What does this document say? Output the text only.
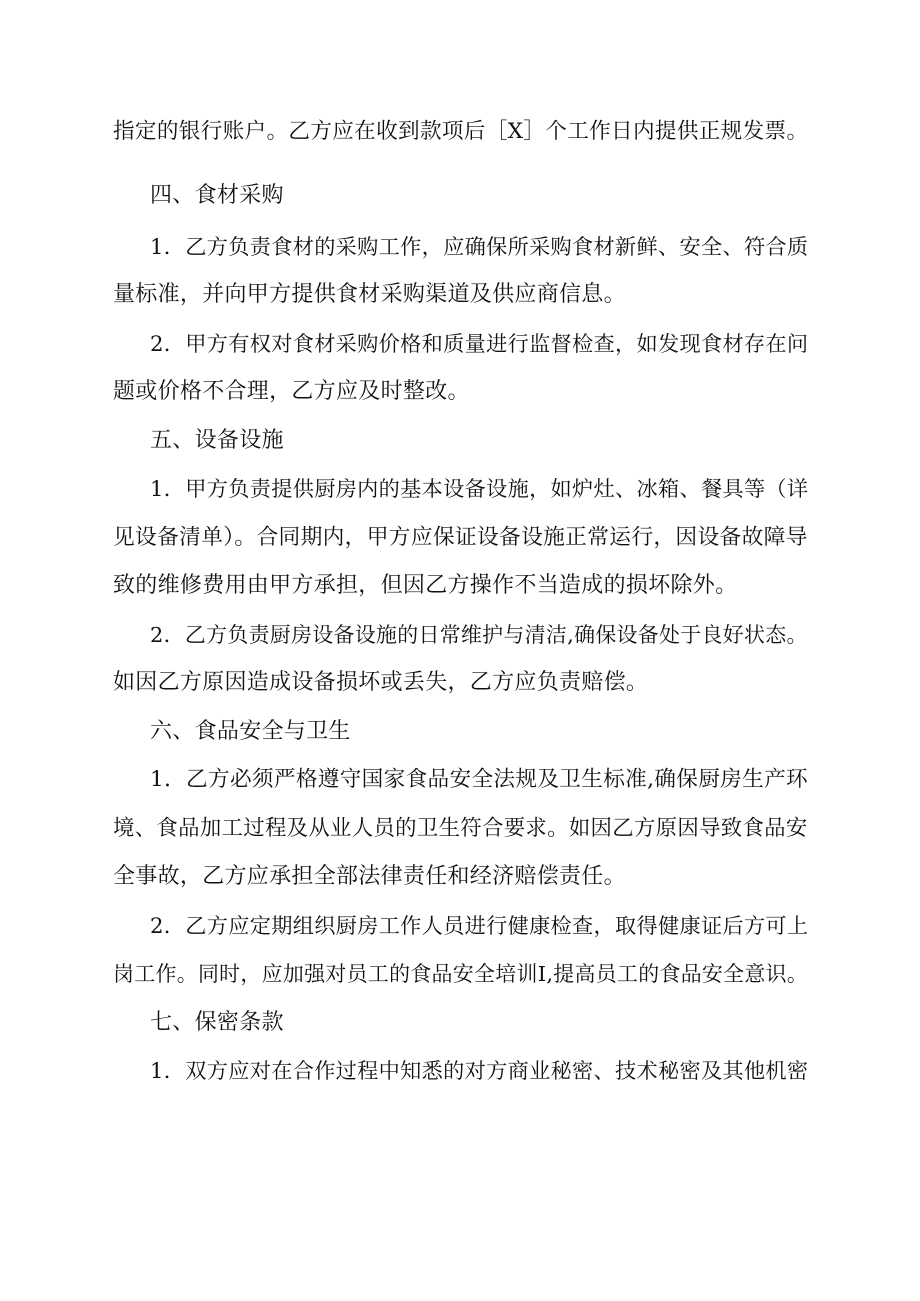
指定的银行账户。乙方应在收到款项后［X］个工作日内提供正规发票。
四、食材采购
1．乙方负责食材的采购工作，应确保所采购食材新鲜、安全、符合质
量标准，并向甲方提供食材采购渠道及供应商信息。
2．甲方有权对食材采购价格和质量进行监督检查，如发现食材存在问
题或价格不合理，乙方应及时整改。
五、设备设施
1．甲方负责提供厨房内的基本设备设施，如炉灶、冰箱、餐具等（详
见设备清单）。合同期内，甲方应保证设备设施正常运行，因设备故障导
致的维修费用由甲方承担，但因乙方操作不当造成的损坏除外。
2．乙方负责厨房设备设施的日常维护与清洁,确保设备处于良好状态。
如因乙方原因造成设备损坏或丢失，乙方应负责赔偿。
六、食品安全与卫生
1．乙方必须严格遵守国家食品安全法规及卫生标准,确保厨房生产环
境、食品加工过程及从业人员的卫生符合要求。如因乙方原因导致食品安
全事故，乙方应承担全部法律责任和经济赔偿责任。
2．乙方应定期组织厨房工作人员进行健康检查，取得健康证后方可上
岗工作。同时，应加强对员工的食品安全培训I,提高员工的食品安全意识。
七、保密条款
1．双方应对在合作过程中知悉的对方商业秘密、技术秘密及其他机密
